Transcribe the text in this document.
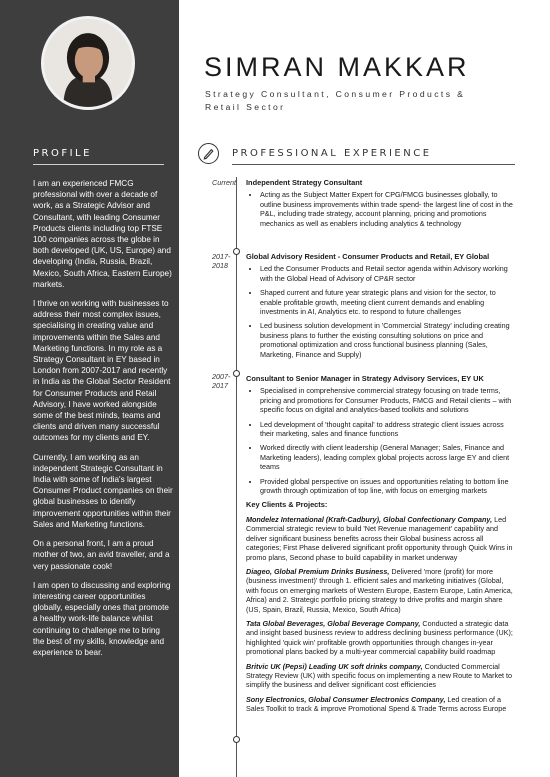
PROFILE

I am an experienced FMCG professional with over a decade of work, as a Strategic Advisor and Consultant, with leading Consumer Products clients including top FTSE 100 companies across the globe in both developed (UK, US, Europe) and developing (India, Russia, Brazil, Mexico, South Africa, Eastern Europe) markets.

I thrive on working with businesses to address their most complex issues, specialising in creating value and improvements within the Sales and Marketing functions. In my role as a Strategy Consultant in EY based in London from 2007-2017 and recently in India as the Global Sector Resident for Consumer Products and Retail Advisory, I have worked alongside some of the best minds, teams and clients and driven many successful outcomes for my clients and EY.

Currently, I am working as an independent Strategic Consultant in India with some of India's largest Consumer Product companies on their global businesses to identify improvement opportunities within their Sales and Marketing functions.

On a personal front, I am a proud mother of two, an avid traveller, and a very passionate cook!

I am open to discussing and exploring interesting career opportunities globally, especially ones that promote a healthy work-life balance whilst continuing to challenge me to bring the best of my skills, knowledge and experience to bear.

SIMRAN MAKKAR
Strategy Consultant, Consumer Products & Retail Sector
PROFESSIONAL EXPERIENCE
Current
2017-2018
2007-2017
Independent Strategy Consultant
• Acting as the Subject Matter Expert for CPG/FMCG businesses globally, to outline business improvements within trade spend- the largest line of cost in the P&L, including trade strategy, account planning, pricing and promotions mechanics as well as enablers including analytics & technology
Global Advisory Resident - Consumer Products and Retail, EY Global
• Led the Consumer Products and Retail sector agenda within Advisory working with the Global Head of Advisory of CP&R sector
• Shaped current and future year strategic plans and vision for the sector, to enable profitable growth, meeting client current demands and enabling investments in AI, Analytics etc. to respond to future challenges
• Led business solution development in 'Commercial Strategy' including creating business plans to further the existing consulting solutions on price and promotional optimization and cross functional business planning (Sales, Marketing, Finance and Supply)
Consultant to Senior Manager in Strategy Advisory Services, EY UK
• Specialised in comprehensive commercial strategy focusing on trade terms, pricing and promotions for Consumer Products, FMCG and Retail clients – with specific focus on digital and analytics-based toolkits and solutions
• Led development of 'thought capital' to address strategic client issues across their marketing, sales and finance functions
• Worked directly with client leadership (General Manager; Sales, Finance and Marketing leaders), leading complex global projects across large EY and client teams
• Provided global perspective on issues and opportunities relating to bottom line growth through optimization of top line, with focus on emerging markets
Key Clients & Projects:
Mondelez International (Kraft-Cadbury), Global Confectionary Company, Led Commercial strategic review to build 'Net Revenue management' capability and deliver significant business benefits across their Global business across all categories; First Phase delivered significant profit opportunity through Quick Wins in promo plans, Second phase to build capability in market underway
Diageo, Global Premium Drinks Business, Delivered 'more (profit) for more (business investment)' through 1. efficient sales and marketing initiatives (Global, with focus on emerging markets of Western Europe, Eastern Europe, Latin America, Africa) and 2. Strategic portfolio pricing strategy to drive profits and margin share (US, Spain, Brazil, Russia, Mexico, South Africa)
Tata Global Beverages, Global Beverage Company, Conducted a strategic data and insight based business review to address declining business performance (UK); highlighted 'quick win' profitable growth opportunities through changes in-year promotional plans backed by a multi-year commercial capability build roadmap
Britvic UK (Pepsi) Leading UK soft drinks company, Conducted Commercial Strategy Review (UK) with specific focus on implementing a new Route to Market to simplify the business and deliver significant cost efficiencies
Sony Electronics, Global Consumer Electronics Company, Led creation of a Sales Toolkit to track & improve Promotional Spend & Trade Terms across Europe
